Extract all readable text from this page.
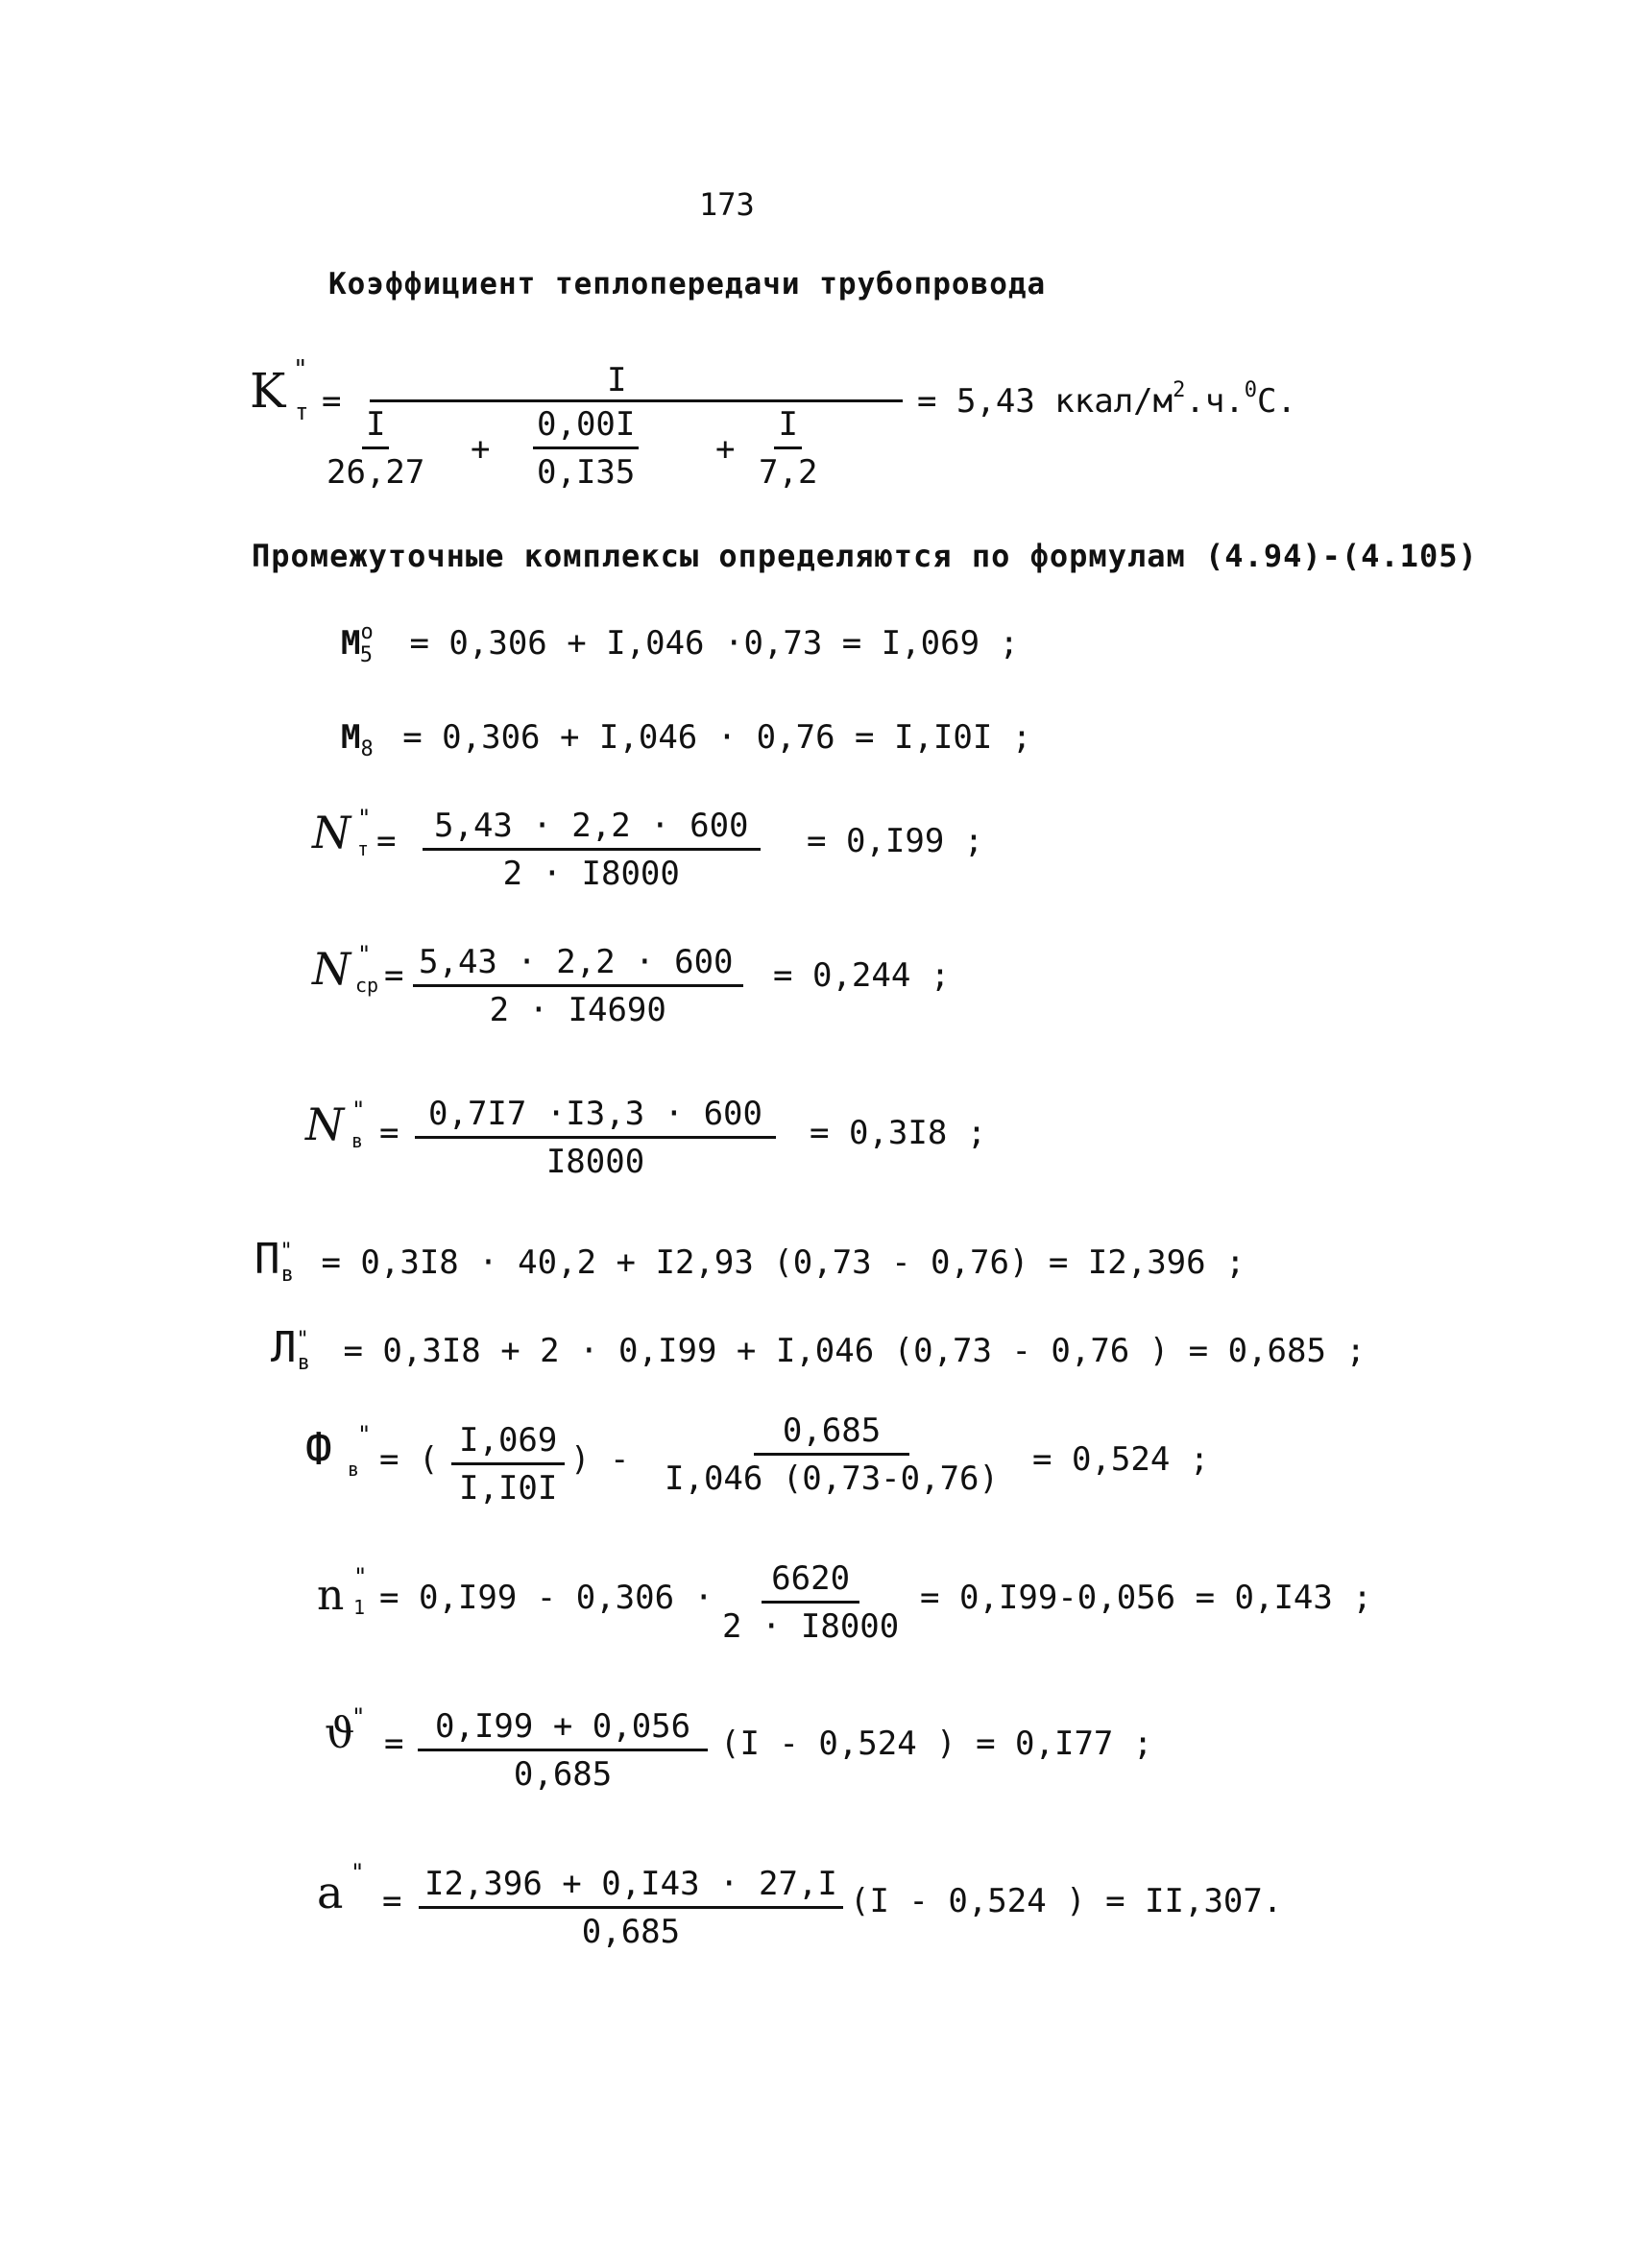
173
Коэффициент теплопередачи трубопровода
K "
т =
I
$\frac{I}{26,27} + \frac{0,00I}{0,I35} + \frac{I}{7,2}$
= 5,43 ккал/$м^2.ч.^0С$.
Промежуточные комплексы определяются по формулам (4.94)-(4.105)
$M^o_5 = 0,306 + I,046 \cdot 0,73 = I,069$ ;
$M_8 = 0,306 + I,046 \cdot 0,76 = I,I0I$ ;
N "
$т = \frac{5,43 \cdot 2,2 \cdot 600}{2 \cdot I8000} = 0,I99$ ;
N "
ср = $\frac{5,43 \cdot 2,2 \cdot 600}{2 \cdot I4690} = 0,244$ ;
N "
$в = \frac{0,7I7 \cdot I3,3 \cdot 600}{I8000} = 0,3I8$ ;
$П^"_в = 0,3I8 \cdot 40,2 + I2,93$ (0,73 - 0,76) = I2,396 ;
$Л^"_в = 0,3I8 + 2 \cdot 0,I99 + I,046$ (0,73 - 0,76 ) = 0,685 ;
Ф "
в = ( $\frac{I,069}{I,I0I}$ ) - $\frac{0,685}{I,046 (0,73-0,76)} = 0,524$ ;
n "
$1 = 0,I99 - 0,306 \cdot \frac{6620}{2 \cdot I8000} = 0,I99-0,056 = 0,I43$ ;
ϑ
"
= $\frac{0,I99 + 0,056}{0,685} (I - 0,524$ ) = 0,I77 ;
a "
= $\frac{I2,396 + 0,I43 \cdot 27,I}{0,685} (I - 0,524$ ) = II,307.
